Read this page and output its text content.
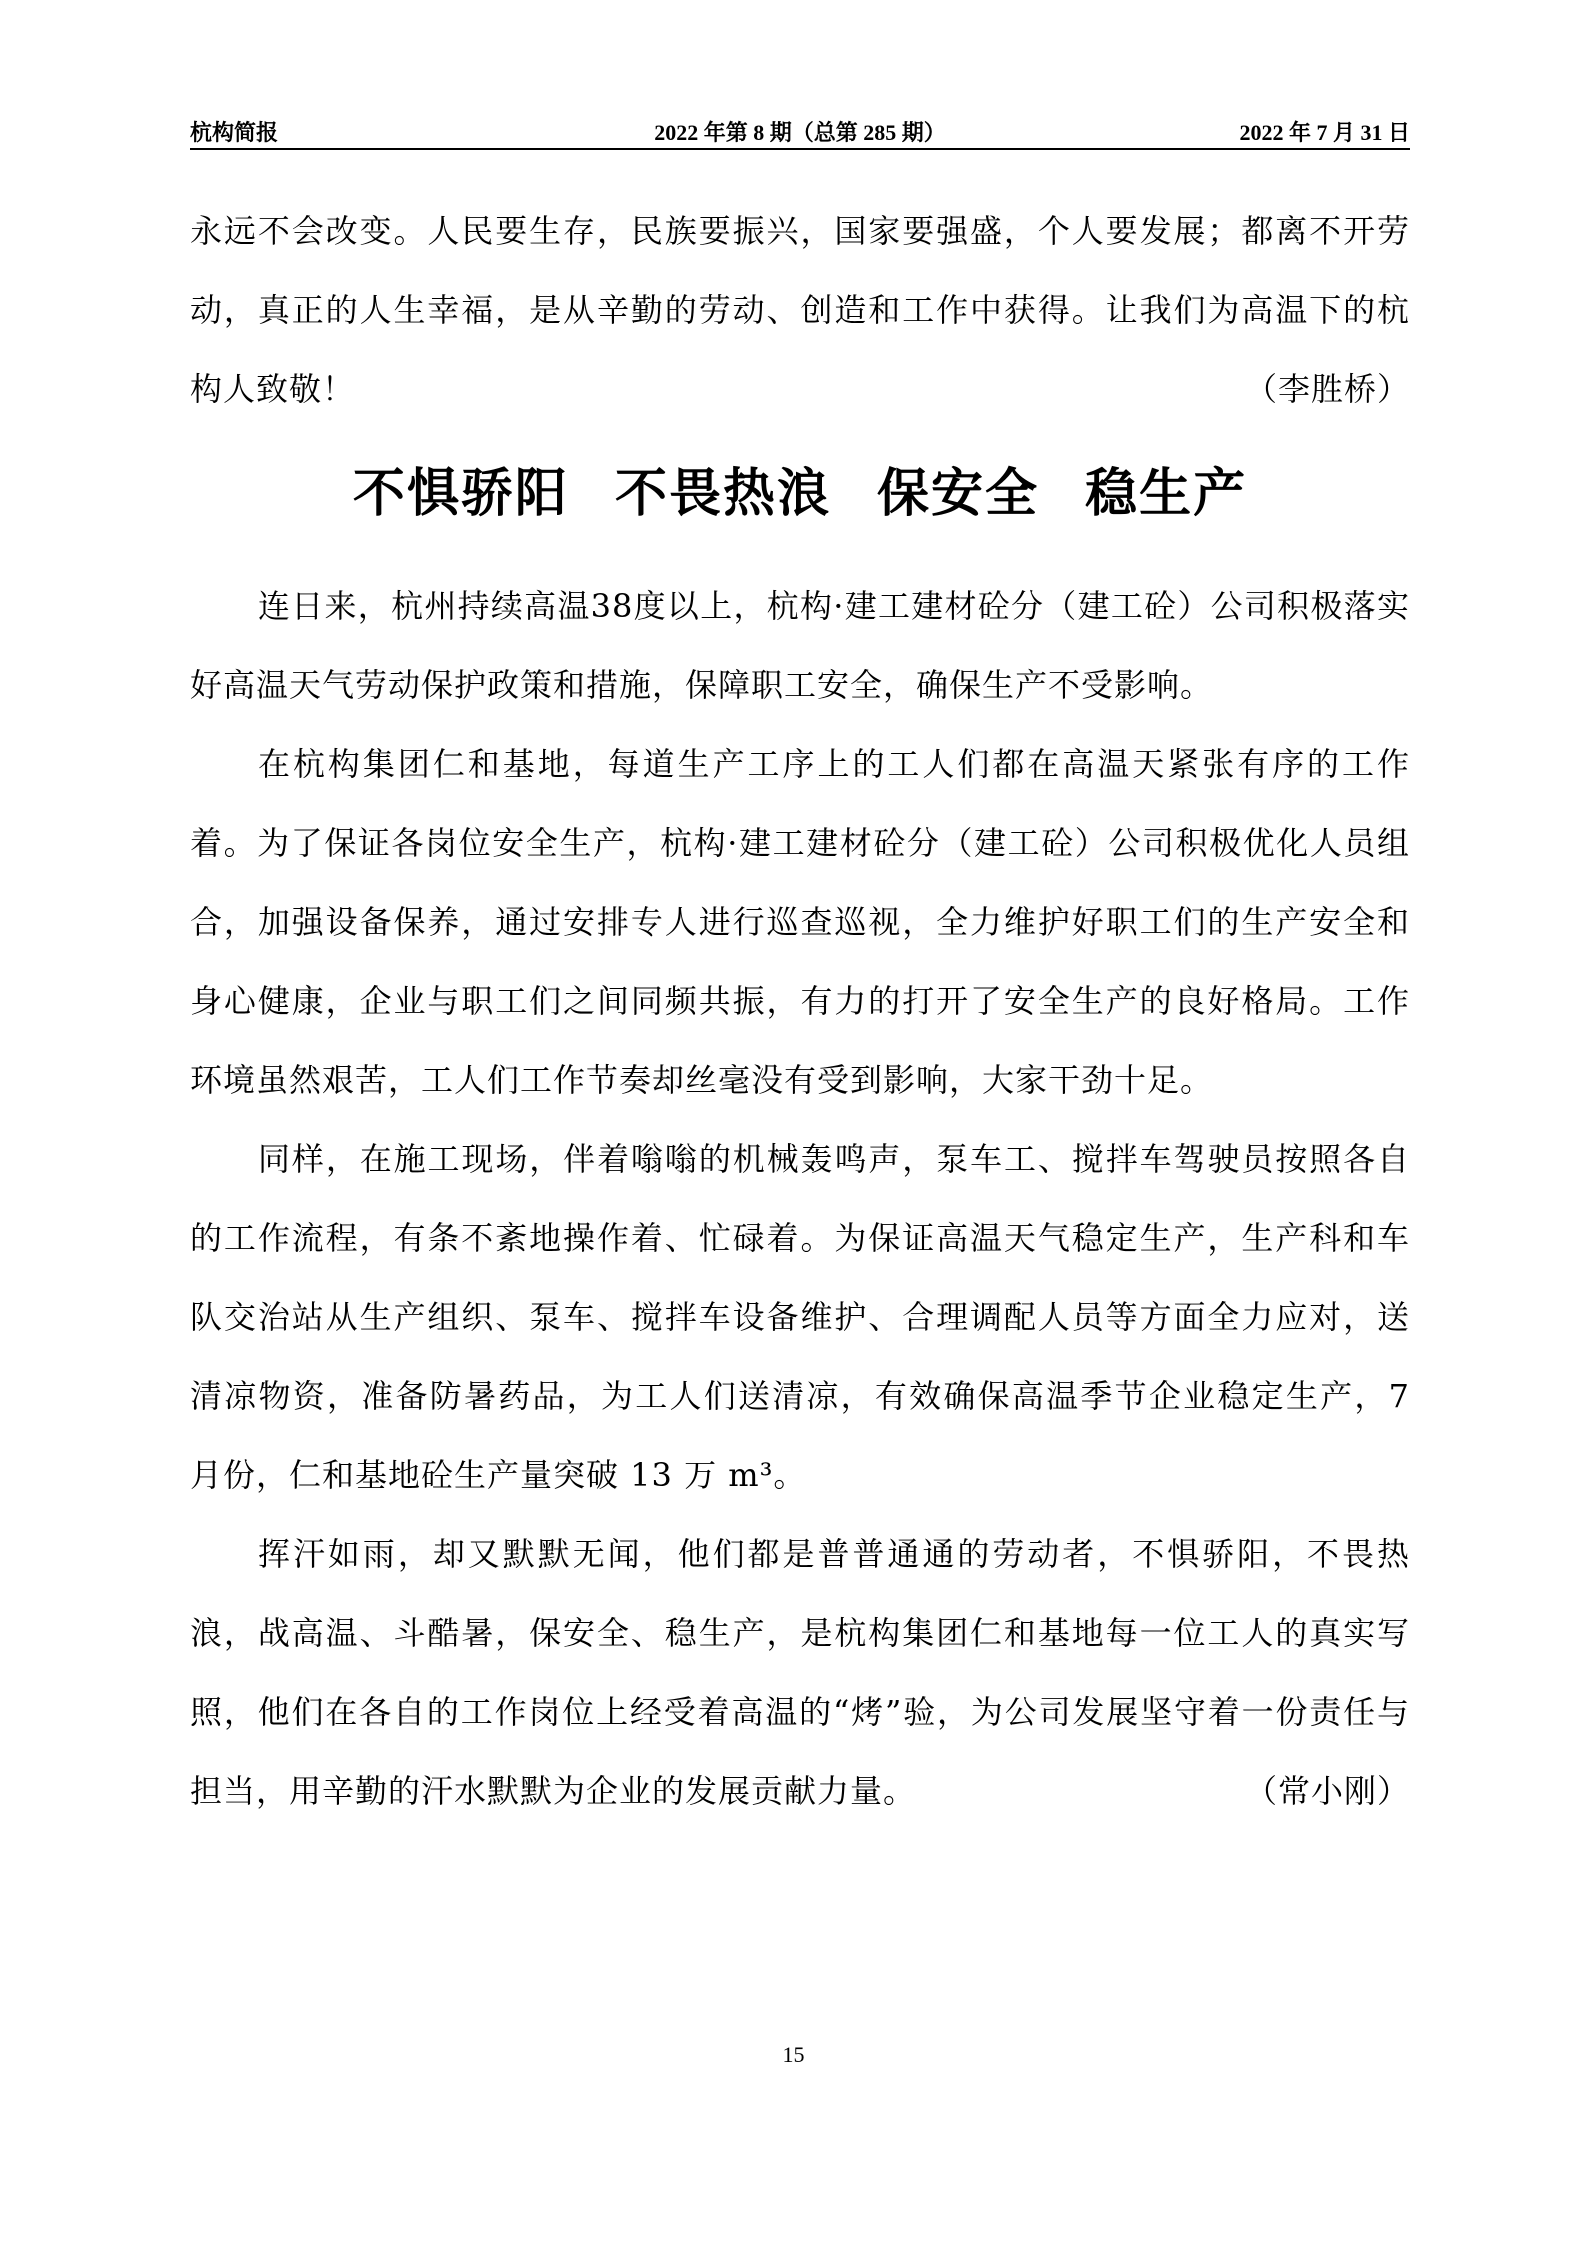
杭构简报	2022 年第 8 期（总第 285 期）	2022 年 7 月 31 日

永远不会改变。人民要生存，民族要振兴，国家要强盛，个人要发展；都离不开劳动，真正的人生幸福，是从辛勤的劳动、创造和工作中获得。让我们为高温下的杭构人致敬！	（李胜桥）

不惧骄阳 不畏热浪 保安全 稳生产

连日来，杭州持续高温38度以上，杭构·建工建材砼分（建工砼）公司积极落实好高温天气劳动保护政策和措施，保障职工安全，确保生产不受影响。

在杭构集团仁和基地，每道生产工序上的工人们都在高温天紧张有序的工作着。为了保证各岗位安全生产，杭构·建工建材砼分（建工砼）公司积极优化人员组合，加强设备保养，通过安排专人进行巡查巡视，全力维护好职工们的生产安全和身心健康，企业与职工们之间同频共振，有力的打开了安全生产的良好格局。工作环境虽然艰苦，工人们工作节奏却丝毫没有受到影响，大家干劲十足。

同样，在施工现场，伴着嗡嗡的机械轰鸣声，泵车工、搅拌车驾驶员按照各自的工作流程，有条不紊地操作着、忙碌着。为保证高温天气稳定生产，生产科和车队交治站从生产组织、泵车、搅拌车设备维护、合理调配人员等方面全力应对，送清凉物资，准备防暑药品，为工人们送清凉，有效确保高温季节企业稳定生产，7 月份，仁和基地砼生产量突破 13 万 m³。

挥汗如雨，却又默默无闻，他们都是普普通通的劳动者，不惧骄阳，不畏热浪，战高温、斗酷暑，保安全、稳生产，是杭构集团仁和基地每一位工人的真实写照，他们在各自的工作岗位上经受着高温的“烤”验，为公司发展坚守着一份责任与担当，用辛勤的汗水默默为企业的发展贡献力量。	（常小刚）

15
